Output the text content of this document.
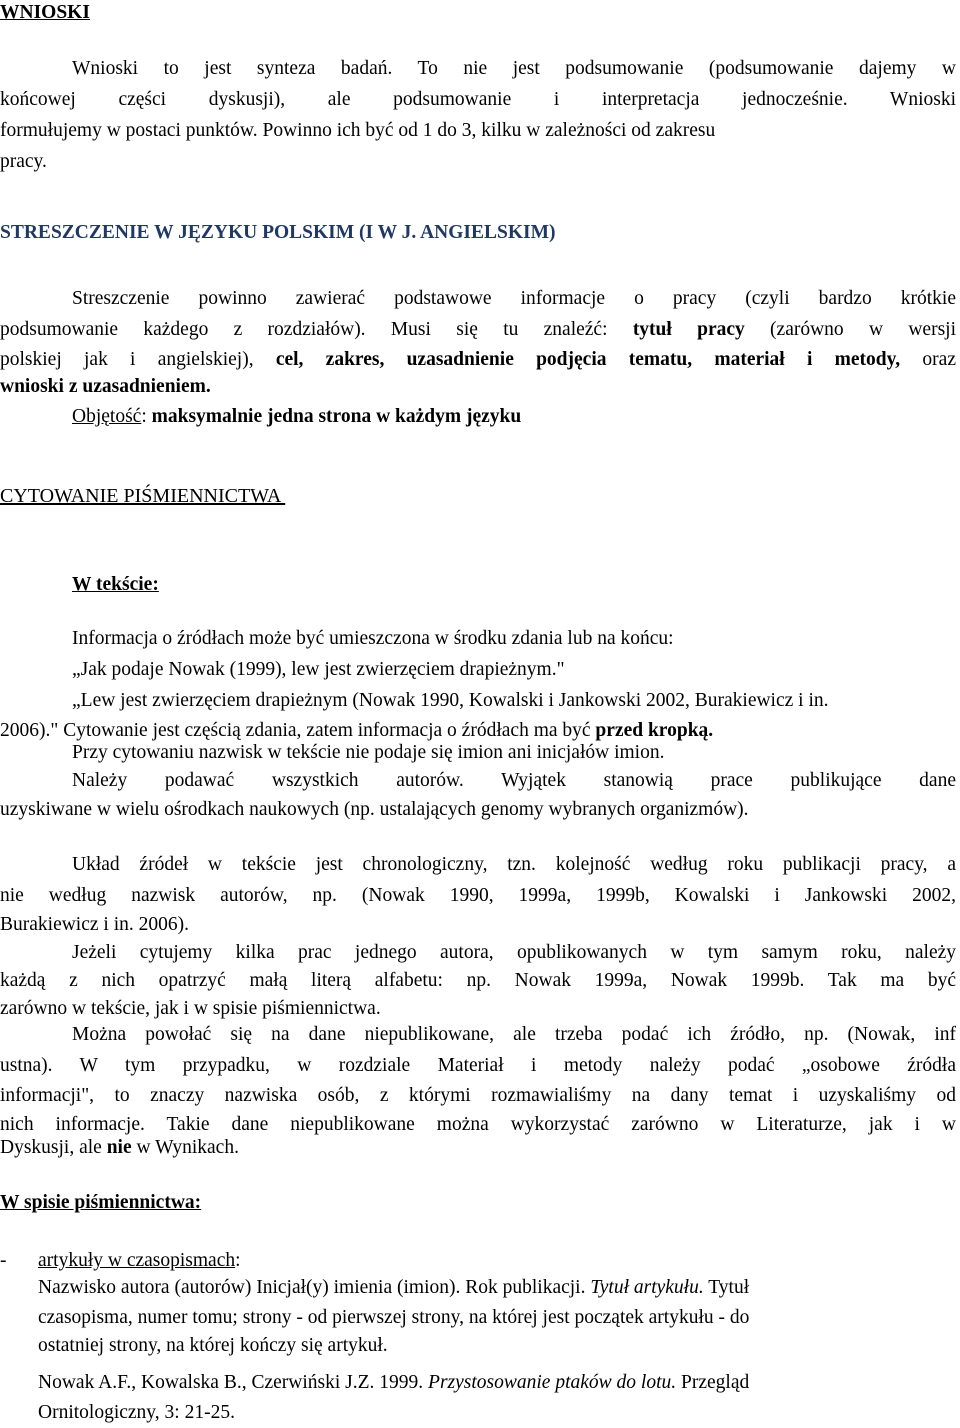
WNIOSKI
Wnioski to jest synteza badań. To nie jest podsumowanie (podsumowanie dajemy w
końcowej części dyskusji), ale podsumowanie i interpretacja jednocześnie. Wnioski
formułujemy w postaci punktów. Powinno ich być od 1 do 3, kilku w zależności od zakresu
pracy.
STRESZCZENIE W JĘZYKU POLSKIM (I W J. ANGIELSKIM)
Streszczenie powinno zawierać podstawowe informacje o pracy (czyli bardzo krótkie
podsumowanie każdego z rozdziałów). Musi się tu znaleźć: tytuł pracy (zarówno w wersji
polskiej jak i angielskiej), cel, zakres, uzasadnienie podjęcia tematu, materiał i metody, oraz
wnioski z uzasadnieniem.
Objętość: maksymalnie jedna strona w każdym języku
CYTOWANIE PIŚMIENNICTWA
W tekście:
Informacja o źródłach może być umieszczona w środku zdania lub na końcu:
„Jak podaje Nowak (1999), lew jest zwierzęciem drapieżnym."
„Lew jest zwierzęciem drapieżnym (Nowak 1990, Kowalski i Jankowski 2002, Burakiewicz i in.
2006)." Cytowanie jest częścią zdania, zatem informacja o źródłach ma być przed kropką.
Przy cytowaniu nazwisk w tekście nie podaje się imion ani inicjałów imion.
Należy podawać wszystkich autorów. Wyjątek stanowią prace publikujące dane
uzyskiwane w wielu ośrodkach naukowych (np. ustalających genomy wybranych organizmów).
Układ źródeł w tekście jest chronologiczny, tzn. kolejność według roku publikacji pracy, a
nie według nazwisk autorów, np. (Nowak 1990, 1999a, 1999b, Kowalski i Jankowski 2002,
Burakiewicz i in. 2006).
Jeżeli cytujemy kilka prac jednego autora, opublikowanych w tym samym roku, należy
każdą z nich opatrzyć małą literą alfabetu: np. Nowak 1999a, Nowak 1999b. Tak ma być
zarówno w tekście, jak i w spisie piśmiennictwa.
Można powołać się na dane niepublikowane, ale trzeba podać ich źródło, np. (Nowak, inf
ustna). W tym przypadku, w rozdziale Materiał i metody należy podać „osobowe źródła
informacji", to znaczy nazwiska osób, z którymi rozmawialiśmy na dany temat i uzyskaliśmy od
nich informacje. Takie dane niepublikowane można wykorzystać zarówno w Literaturze, jak i w
Dyskusji, ale nie w Wynikach.
W spisie piśmiennictwa:
- artykuły w czasopismach:
Nazwisko autora (autorów) Inicjał(y) imienia (imion). Rok publikacji. Tytuł artykułu. Tytuł
czasopisma, numer tomu; strony - od pierwszej strony, na której jest początek artykułu - do
ostatniej strony, na której kończy się artykuł.
Nowak A.F., Kowalska B., Czerwiński J.Z. 1999. Przystosowanie ptaków do lotu. Przegląd
Ornitologiczny, 3: 21-25.
